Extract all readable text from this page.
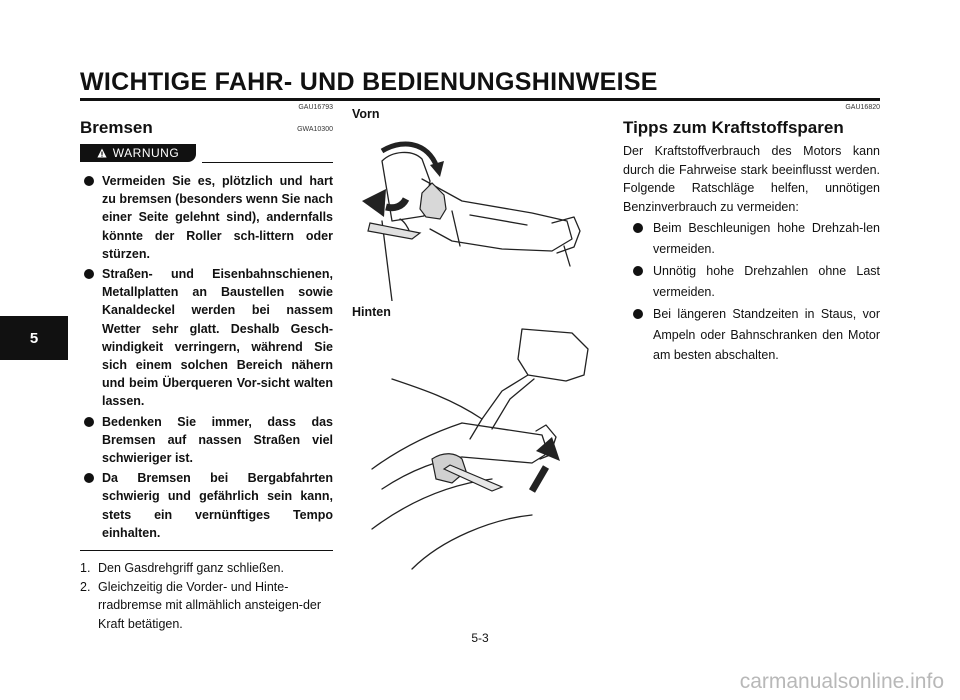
WICHTIGE FAHR- UND BEDIENUNGSHINWEISE
5
GAU16793
Bremsen	GWA10300
WARNUNG
Vermeiden Sie es, plötzlich und hart zu bremsen (besonders wenn Sie nach einer Seite gelehnt sind), andernfalls könnte der Roller sch-littern oder stürzen.
Straßen- und Eisenbahnschienen, Metallplatten an Baustellen sowie Kanaldeckel werden bei nassem Wetter sehr glatt. Deshalb Gesch-windigkeit verringern, während Sie sich einem solchen Bereich nähern und beim Überqueren Vor-sicht walten lassen.
Bedenken Sie immer, dass das Bremsen auf nassen Straßen viel schwieriger ist.
Da Bremsen bei Bergabfahrten schwierig und gefährlich sein kann, stets ein vernünftiges Tempo einhalten.
1. Den Gasdrehgriff ganz schließen.
2. Gleichzeitig die Vorder- und Hinte-rradbremse mit allmählich ansteigen-der Kraft betätigen.
Vorn
Hinten
GAU16820
Tipps zum Kraftstoffsparen
Der Kraftstoffverbrauch des Motors kann durch die Fahrweise stark beeinflusst werden. Folgende Ratschläge helfen, unnötigen Benzinverbrauch zu vermeiden:
Beim Beschleunigen hohe Drehzah-len vermeiden.
Unnötig hohe Drehzahlen ohne Last vermeiden.
Bei längeren Standzeiten in Staus, vor Ampeln oder Bahnschranken den Motor am besten abschalten.
5-3
carmanualsonline.info
